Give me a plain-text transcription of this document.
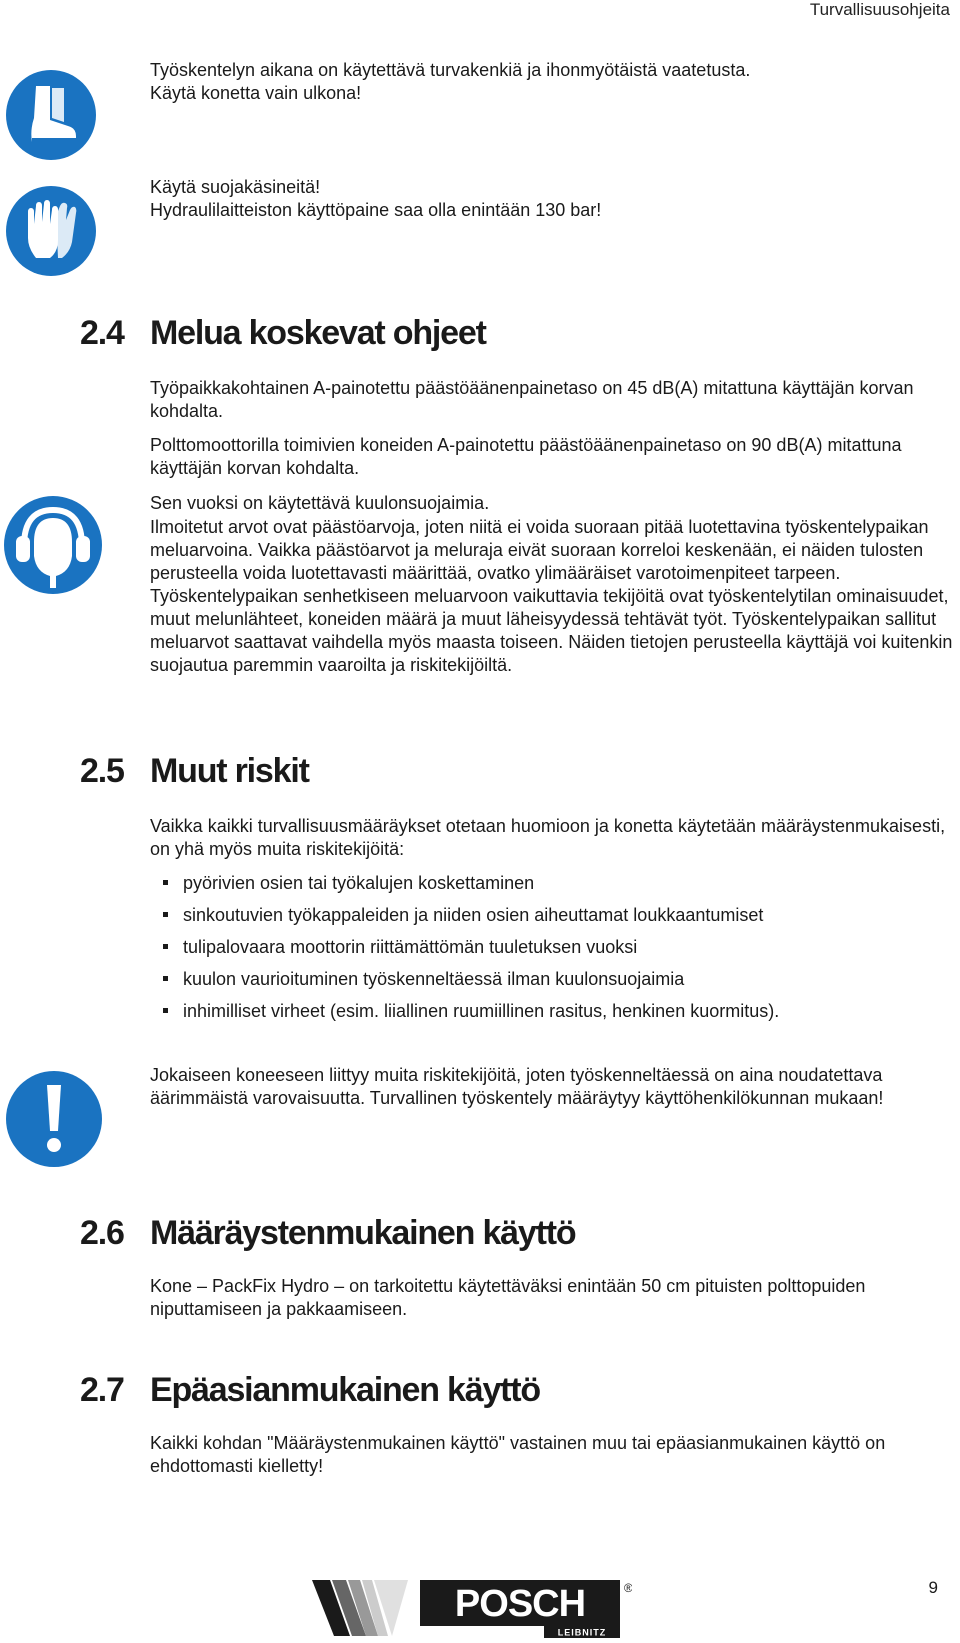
Turvallisuusohjeita

Työskentelyn aikana on käytettävä turvakenkiä ja ihonmyötäistä vaatetusta.

Käytä konetta vain ulkona!

Käytä suojakäsineitä!

Hydraulilaitteiston käyttöpaine saa olla enintään 130 bar!

2.4 Melua koskevat ohjeet

Työpaikkakohtainen A-painotettu päästöäänenpainetaso on 45 dB(A) mitattuna käyttäjän korvan kohdalta.

Polttomoottorilla toimivien koneiden A-painotettu päästöäänenpainetaso on 90 dB(A) mitattuna käyttäjän korvan kohdalta.

Sen vuoksi on käytettävä kuulonsuojaimia.

Ilmoitetut arvot ovat päästöarvoja, joten niitä ei voida suoraan pitää luotettavina työskentelypaikan meluarvoina. Vaikka päästöarvot ja meluraja eivät suoraan korreloi keskenään, ei näiden tulosten perusteella voida luotettavasti määrittää, ovatko ylimääräiset varotoimenpiteet tarpeen. Työskentelypaikan senhetkiseen meluarvoon vaikuttavia tekijöitä ovat työskentelytilan ominaisuudet, muut melunlähteet, koneiden määrä ja muut läheisyydessä tehtävät työt. Työskentelypaikan sallitut meluarvot saattavat vaihdella myös maasta toiseen. Näiden tietojen perusteella käyttäjä voi kuitenkin suojautua paremmin vaaroilta ja riskitekijöiltä.

2.5 Muut riskit

Vaikka kaikki turvallisuusmääräykset otetaan huomioon ja konetta käytetään määräystenmukaisesti, on yhä myös muita riskitekijöitä:

pyörivien osien tai työkalujen koskettaminen
sinkoutuvien työkappaleiden ja niiden osien aiheuttamat loukkaantumiset
tulipalovaara moottorin riittämättömän tuuletuksen vuoksi
kuulon vaurioituminen työskenneltäessä ilman kuulonsuojaimia
inhimilliset virheet (esim. liiallinen ruumiillinen rasitus, henkinen kuormitus).

Jokaiseen koneeseen liittyy muita riskitekijöitä, joten työskenneltäessä on aina noudatettava äärimmäistä varovaisuutta. Turvallinen työskentely määräytyy käyttöhenkilökunnan mukaan!

2.6 Määräystenmukainen käyttö

Kone – PackFix Hydro – on tarkoitettu käytettäväksi enintään 50 cm pituisten polttopuiden niputtamiseen ja pakkaamiseen.

2.7 Epäasianmukainen käyttö

Kaikki kohdan "Määräystenmukainen käyttö" vastainen muu tai epäasianmukainen käyttö on ehdottomasti kielletty!

POSCH
LEIBNITZ
®	9
